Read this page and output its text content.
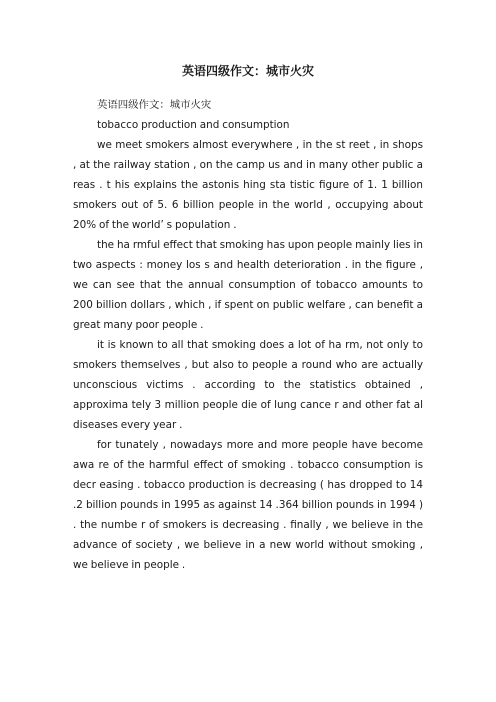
英语四级作文：城市火灾

英语四级作文：城市火灾

tobacco production and consumption

we meet smokers almost everywhere , in the st reet , in shops , at the railway station , on the camp us and in many other public a reas . t his explains the astonis hing sta tistic figure of 1. 1 billion smokers out of 5. 6 billion people in the world , occupying about 20% of the world’ s population .

the ha rmful effect that smoking has upon people mainly lies in two aspects : money los s and health deterioration . in the figure , we can see that the annual consumption of tobacco amounts to 200 billion dollars , which , if spent on public welfare , can benefit a great many poor people .

it is known to all that smoking does a lot of ha rm, not only to smokers themselves , but also to people a round who are actually unconscious victims . according to the statistics obtained , approxima tely 3 million people die of lung cance r and other fat al diseases every year .

for tunately , nowadays more and more people have become awa re of the harmful effect of smoking . tobacco consumption is decr easing . tobacco production is decreasing ( has dropped to 14 .2 billion pounds in 1995 as against 14 .364 billion pounds in 1994 ) . the numbe r of smokers is decreasing . finally , we believe in the advance of society , we believe in a new world without smoking , we believe in people .
